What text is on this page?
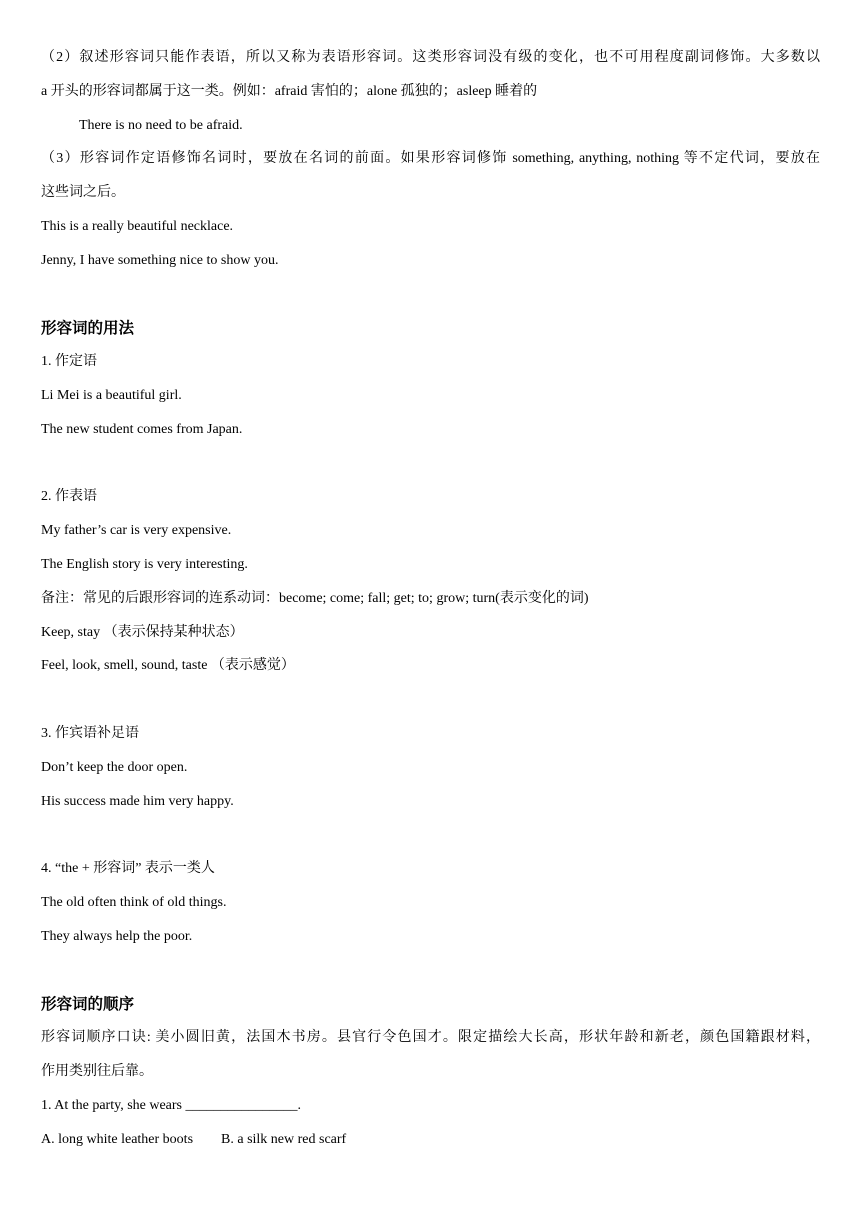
（2）叙述形容词只能作表语，所以又称为表语形容词。这类形容词没有级的变化，也不可用程度副词修饰。大多数以
a 开头的形容词都属于这一类。例如：afraid 害怕的；alone 孤独的；asleep 睡着的
There is no need to be afraid.
（3）形容词作定语修饰名词时，要放在名词的前面。如果形容词修饰 something, anything, nothing 等不定代词，要放在
这些词之后。
This is a really beautiful necklace.
Jenny, I have something nice to show you.
形容词的用法
1. 作定语
Li Mei is a beautiful girl.
The new student comes from Japan.
2. 作表语
My father’s car is very expensive.
The English story is very interesting.
备注：常见的后跟形容词的连系动词：become; come; fall; get; to; grow; turn(表示变化的词)
Keep, stay （表示保持某种状态）
Feel, look, smell, sound, taste （表示感觉）
3. 作宾语补足语
Don’t keep the door open.
His success made him very happy.
4. “the + 形容词” 表示一类人
The old often think of old things.
They always help the poor.
形容词的顺序
形容词顺序口诀: 美小圆旧黄，法国木书房。县官行令色国才。限定描绘大长高，形状年龄和新老，颜色国籍跟材料，
作用类别往后靠。
1. At the party, she wears ________________.
A. long white leather boots B. a silk new red scarf
